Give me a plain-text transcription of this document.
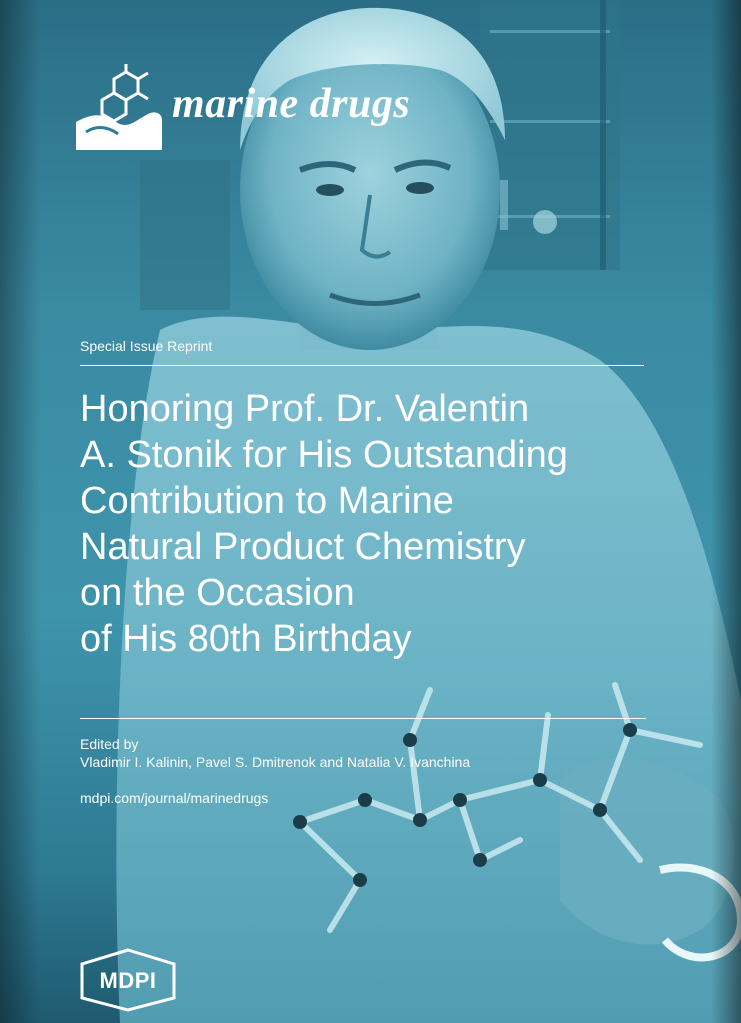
marine drugs
Special Issue Reprint
Honoring Prof. Dr. Valentin
A. Stonik for His Outstanding
Contribution to Marine
Natural Product Chemistry
on the Occasion
of His 80th Birthday
Edited by
Vladimir I. Kalinin, Pavel S. Dmitrenok and Natalia V. Ivanchina
mdpi.com/journal/marinedrugs
MDPI
